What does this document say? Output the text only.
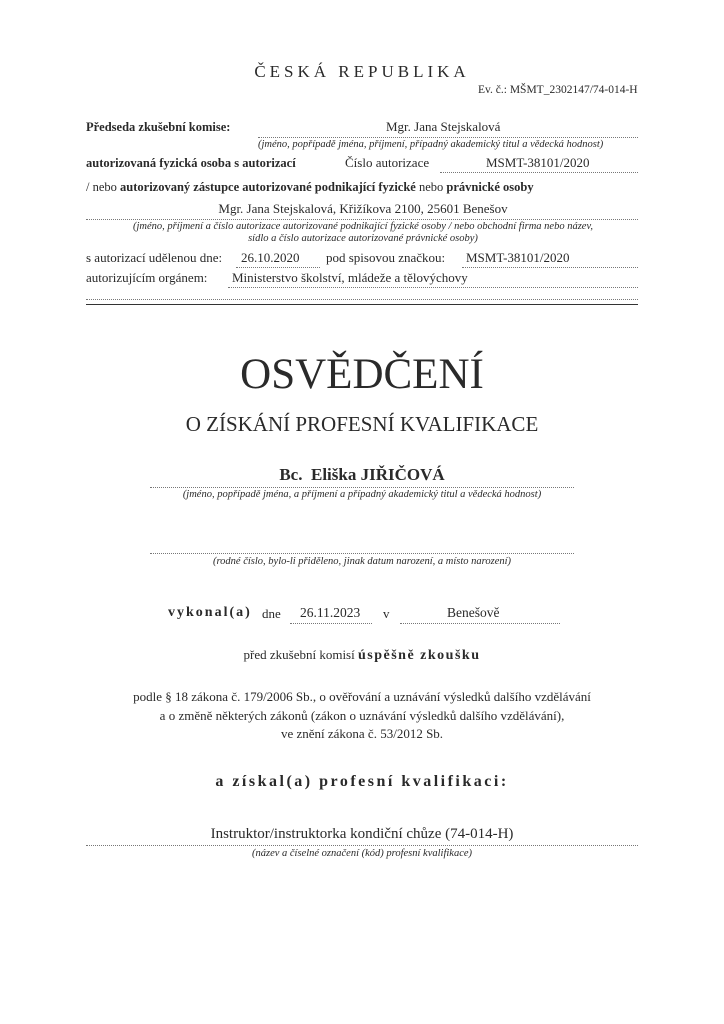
ČESKÁ REPUBLIKA
Ev. č.: MŠMT_2302147/74-014-H
Předseda zkušební komise:	Mgr. Jana Stejskalová
(jméno, popřípadě jména, příjmení, případný akademický titul a vědecká hodnost)
autorizovaná fyzická osoba s autorizací	Číslo autorizace	MSMT-38101/2020
/ nebo autorizovaný zástupce autorizované podnikající fyzické nebo právnické osoby
Mgr. Jana Stejskalová, Křižíkova 2100, 25601 Benešov
(jméno, příjmení a číslo autorizace autorizované podnikající fyzické osoby / nebo obchodní firma nebo název,
sídlo a číslo autorizace autorizované právnické osoby)
s autorizací udělenou dne: 26.10.2020 pod spisovou značkou: MSMT-38101/2020
autorizujícím orgánem: Ministerstvo školství, mládeže a tělovýchovy
OSVĚDČENÍ
O ZÍSKÁNÍ PROFESNÍ KVALIFIKACE
Bc. Eliška JIŘIČOVÁ
(jméno, popřípadě jména, a příjmení a případný akademický titul a vědecká hodnost)
(rodné číslo, bylo-li přiděleno, jinak datum narození, a místo narození)
vykonal(a) dne 26.11.2023 v	Benešově
před zkušební komisí úspěšně zkoušku
podle § 18 zákona č. 179/2006 Sb., o ověřování a uznávání výsledků dalšího vzdělávání
a o změně některých zákonů (zákon o uznávání výsledků dalšího vzdělávání),
ve znění zákona č. 53/2012 Sb.
a získal(a) profesní kvalifikaci:
Instruktor/instruktorka kondiční chůze (74-014-H)
(název a číselné označení (kód) profesní kvalifikace)
